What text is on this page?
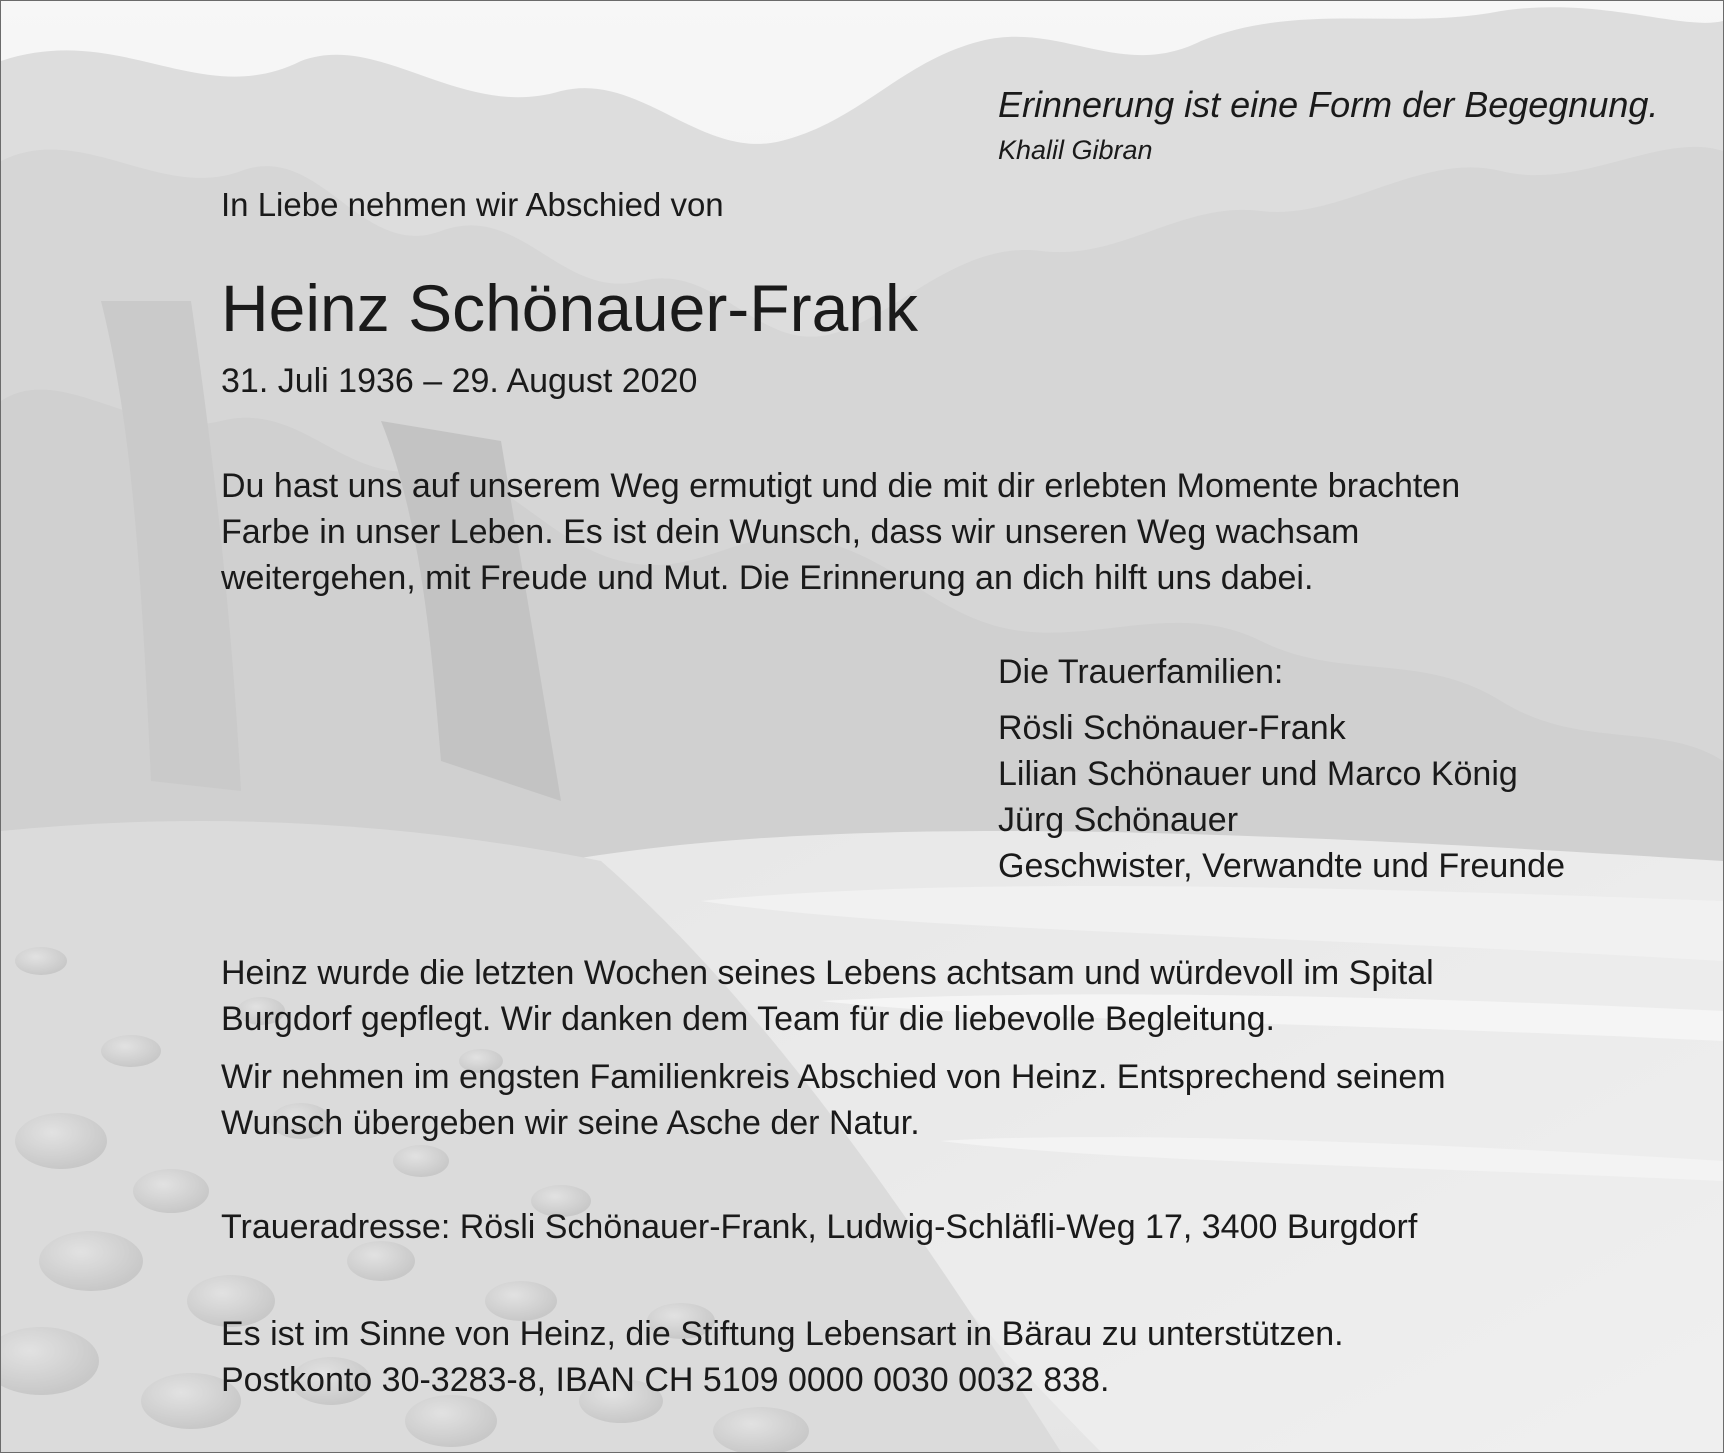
Erinnerung ist eine Form der Begegnung.

Khalil Gibran

In Liebe nehmen wir Abschied von

Heinz Schönauer-Frank

31. Juli 1936 – 29. August 2020

Du hast uns auf unserem Weg ermutigt und die mit dir erlebten Momente brachten
Farbe in unser Leben. Es ist dein Wunsch, dass wir unseren Weg wachsam
weitergehen, mit Freude und Mut. Die Erinnerung an dich hilft uns dabei.
Die Trauerfamilien:
Rösli Schönauer-Frank
Lilian Schönauer und Marco König
Jürg Schönauer
Geschwister, Verwandte und Freunde
Heinz wurde die letzten Wochen seines Lebens achtsam und würdevoll im Spital
Burgdorf gepflegt. Wir danken dem Team für die liebevolle Begleitung.
Wir nehmen im engsten Familienkreis Abschied von Heinz. Entsprechend seinem
Wunsch übergeben wir seine Asche der Natur.
Traueradresse: Rösli Schönauer-Frank, Ludwig-Schläfli-Weg 17, 3400 Burgdorf
Es ist im Sinne von Heinz, die Stiftung Lebensart in Bärau zu unterstützen.
Postkonto 30-3283-8, IBAN CH 5109 0000 0030 0032 838.
